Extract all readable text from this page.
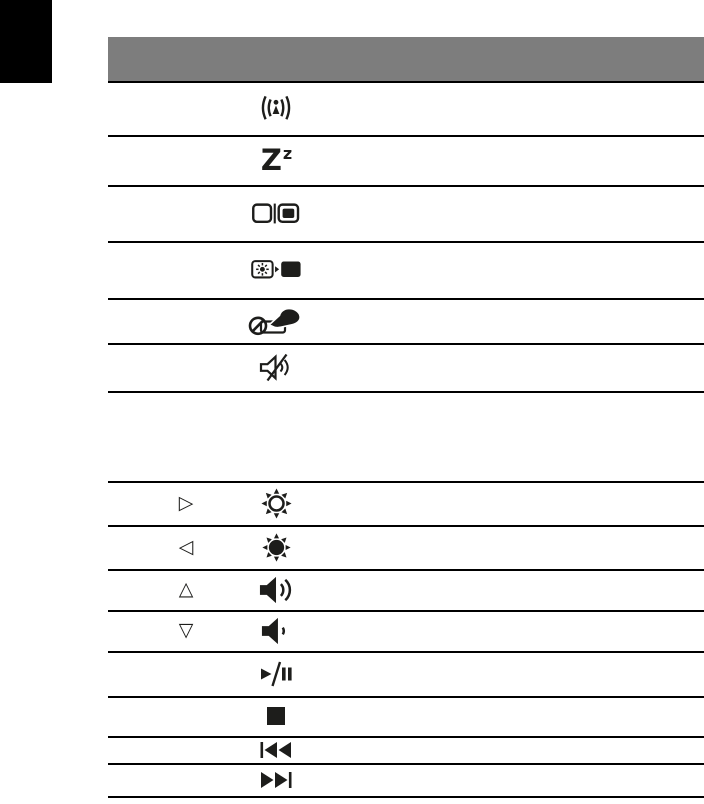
Zz
▷
◁
△
▽
